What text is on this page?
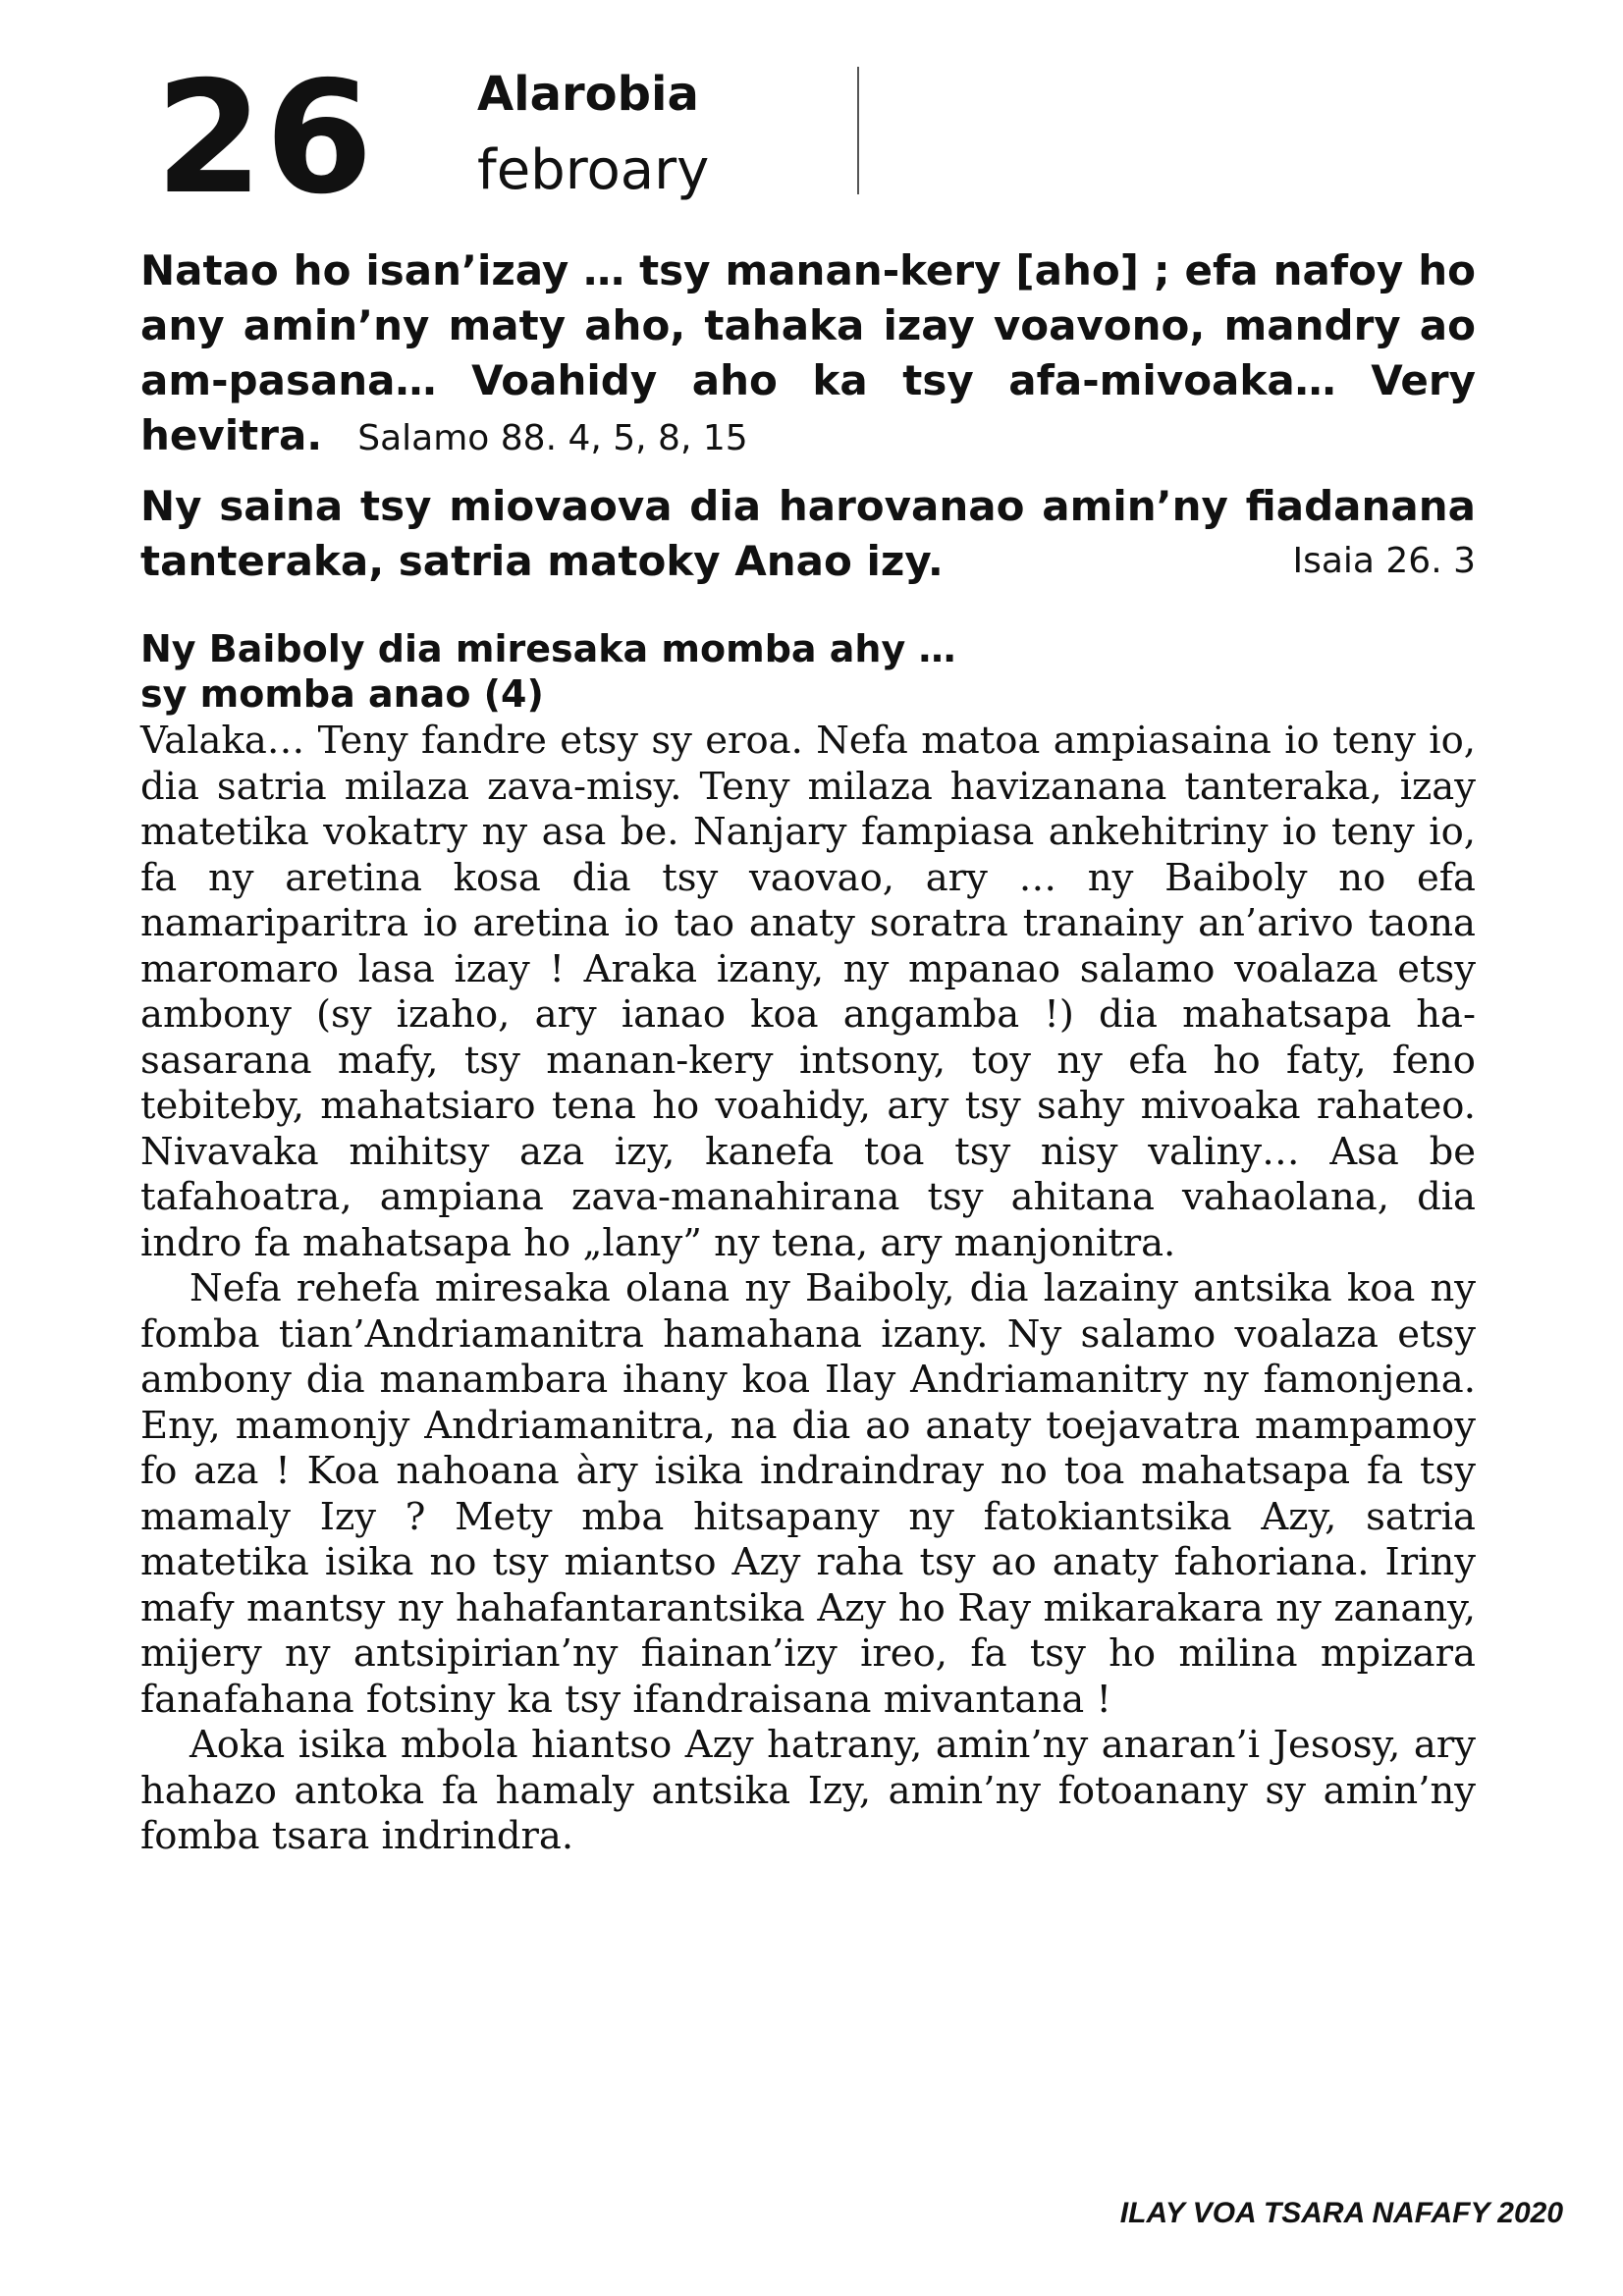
26 Alarobia
febroary
Natao ho isan’izay … tsy manan-kery [aho] ; efa nafoy ho any amin’ny maty aho, tahaka izay voavono, mandry ao am-pasana… Voahidy aho ka tsy afa-mivoaka… Very hevitra. Salamo 88. 4, 5, 8, 15
Ny saina tsy miovaova dia harovanao amin’ny fiadanana tanteraka, satria matoky Anao izy.	Isaia 26. 3
Ny Baiboly dia miresaka momba ahy …
sy momba anao (4)

Valaka… Teny fandre etsy sy eroa. Nefa matoa ampiasaina io teny io, dia satria milaza zava-misy. Teny milaza havizanana tanteraka, izay matetika vokatry ny asa be. Nanjary fampiasa ankehitriny io teny io, fa ny aretina kosa dia tsy vaovao, ary … ny Baiboly no efa namariparitra io aretina io tao anaty soratra tranainy an’arivo taona maromaro lasa izay ! Araka izany, ny mpanao salamo voalaza etsy ambony (sy izaho, ary ianao koa angamba !) dia mahatsapa hasasarana mafy, tsy manan-kery intsony, toy ny efa ho faty, feno tebiteby, mahatsiaro tena ho voahidy, ary tsy sahy mivoaka rahateo. Nivavaka mihitsy aza izy, kanefa toa tsy nisy valiny… Asa be tafahoatra, ampiana zava-manahirana tsy ahitana vahaolana, dia indro fa mahatsapa ho „lany” ny tena, ary manjonitra.

Nefa rehefa miresaka olana ny Baiboly, dia lazainy antsika koa ny fomba tian’Andriamanitra hamahana izany. Ny salamo voalaza etsy ambony dia manambara ihany koa Ilay Andriamanitry ny famonjena. Eny, mamonjy Andriamanitra, na dia ao anaty toejavatra mampamoy fo aza ! Koa nahoana àry isika indraindray no toa mahatsapa fa tsy mamaly Izy ? Mety mba hitsapany ny fatokiantsika Azy, satria matetika isika no tsy miantso Azy raha tsy ao anaty fahoriana. Iriny mafy mantsy ny hahafantarantsika Azy ho Ray mikarakara ny zanany, mijery ny antsipirian’ny fiainan’izy ireo, fa tsy ho milina mpizara fanafahana fotsiny ka tsy ifandraisana mivantana !

Aoka isika mbola hiantso Azy hatrany, amin’ny anaran’i Jesosy, ary hahazo antoka fa hamaly antsika Izy, amin’ny fotoanany sy amin’ny fomba tsara indrindra.

ILAY VOA TSARA NAFAFY 2020
